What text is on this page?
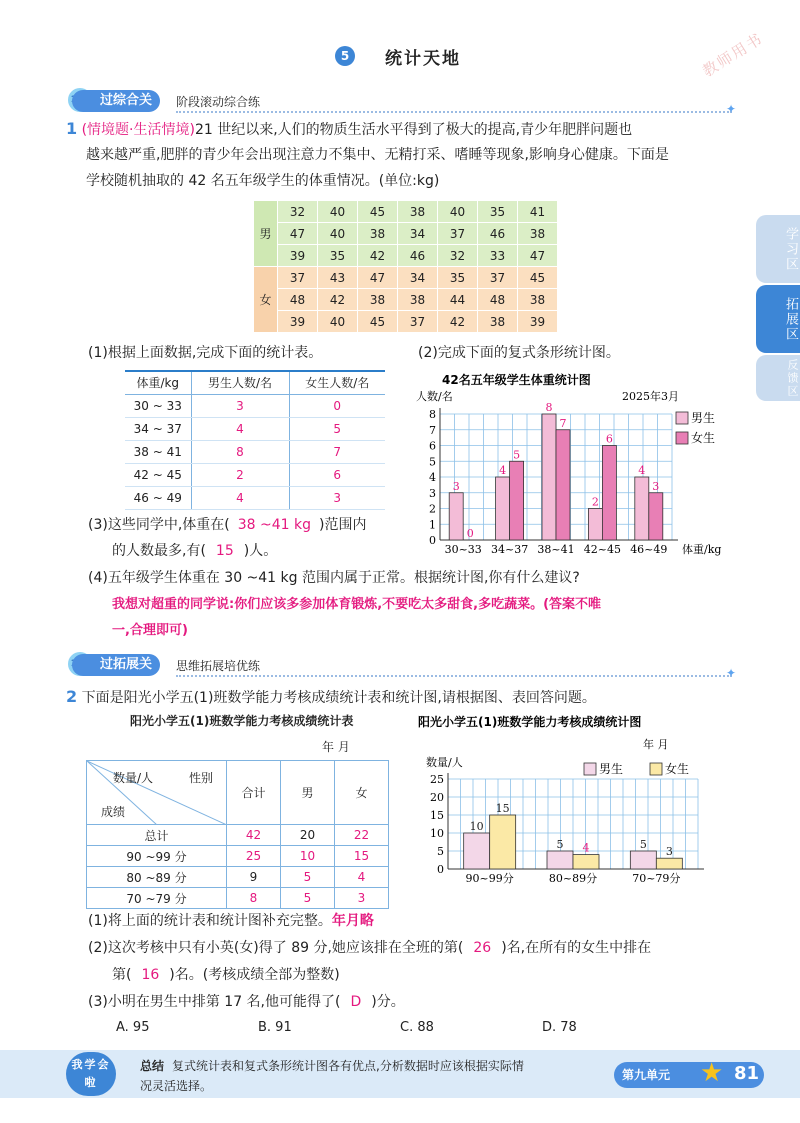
教师用书
5	统计天地
学习区
拓展区
反馈区
过综合关	阶段滚动综合练	✦
1 (情境题·生活情境)21 世纪以来,人们的物质生活水平得到了极大的提高,青少年肥胖问题也
越来越严重,肥胖的青少年会出现注意力不集中、无精打采、嗜睡等现象,影响身心健康。下面是
学校随机抽取的 42 名五年级学生的体重情况。(单位:kg)
男	32	40	45	38	40	35	41
	47	40	38	34	37	46	38
	39	35	42	46	32	33	47
女	37	43	47	34	35	37	45
	48	42	38	38	44	48	38
	39	40	45	37	42	38	39
(1)根据上面数据,完成下面的统计表。	(2)完成下面的复式条形统计图。
体重/kg	男生人数/名	女生人数/名
30 ~ 33	3	0
34 ~ 37	4	5
38 ~ 41	8	7
42 ~ 45	2	6
46 ~ 49	4	3
42名五年级学生体重统计图
2025年3月
人数/名
0
1
2
3
4
5
6
7
8
3
0
30~33
4
5
34~37
8
7
38~41
2
6
42~45
4
3
46~49 体重/kg
男生
女生
(3)这些同学中,体重在( 38 ~41 kg )范围内
的人数最多,有( 15 )人。
(4)五年级学生体重在 30 ~41 kg 范围内属于正常。根据统计图,你有什么建议?
我想对超重的同学说:你们应该多参加体育锻炼,不要吃太多甜食,多吃蔬菜。(答案不唯
一,合理即可)
过拓展关	思维拓展培优练	✦
2 下面是阳光小学五(1)班数学能力考核成绩统计表和统计图,请根据图、表回答问题。
阳光小学五(1)班数学能力考核成绩统计表
年 月
数量/人 性别
成绩	合计	男	女
总计	42	20	22
90 ~99 分	25	10	15
80 ~89 分	9	5	4
70 ~79 分	8	5	3
阳光小学五(1)班数学能力考核成绩统计图
年 月
数量/人
0
5
10
15
20
25
10
15
90~99分
5 4
80~89分
5
3
70~79分
男生	女生
(1)将上面的统计表和统计图补充完整。年月略
(2)这次考核中只有小英(女)得了 89 分,她应该排在全班的第( 26 )名,在所有的女生中排在
第( 16 )名。(考核成绩全部为整数)
(3)小明在男生中排第 17 名,他可能得了( D )分。
A. 95	B. 91	C. 88	D. 78
我学会啦
总结 复式统计表和复式条形统计图各有优点,分析数据时应该根据实际情
况灵活选择。
第九单元 ★ 81
